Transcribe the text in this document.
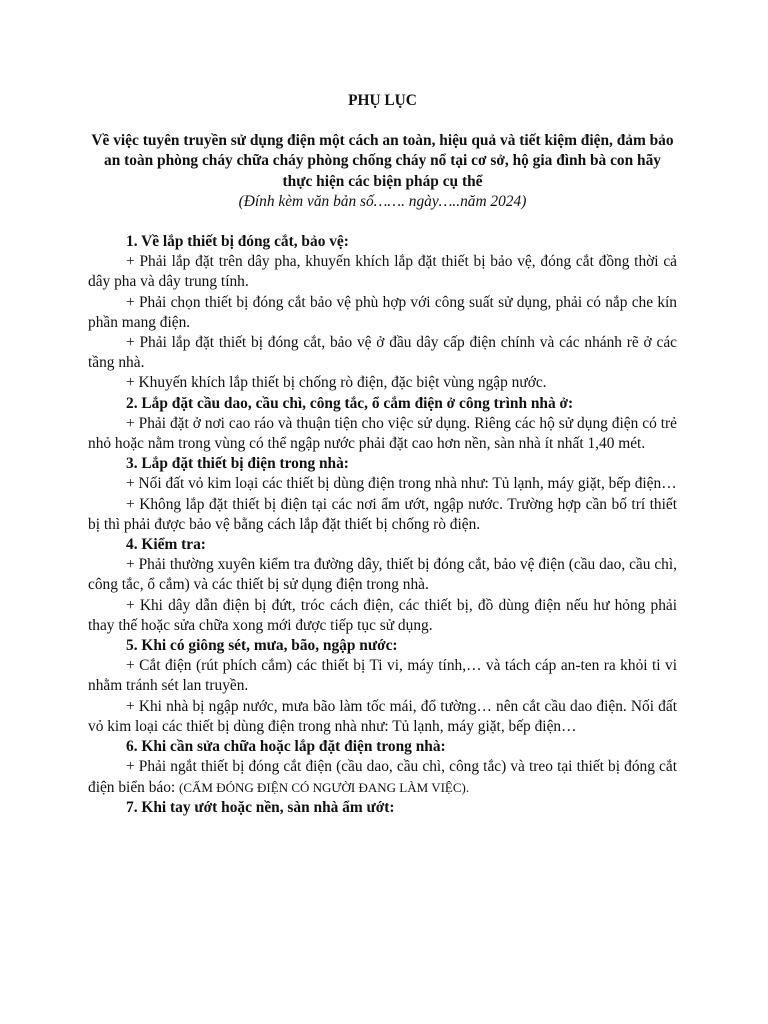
PHỤ LỤC

Về việc tuyên truyền sử dụng điện một cách an toàn, hiệu quả và tiết kiệm điện, đảm bảo an toàn phòng cháy chữa cháy phòng chống cháy nổ tại cơ sở, hộ gia đình bà con hãy thực hiện các biện pháp cụ thể

(Đính kèm văn bản số……. ngày…..năm 2024)

1. Về lắp thiết bị đóng cắt, bảo vệ:

+ Phải lắp đặt trên dây pha, khuyến khích lắp đặt thiết bị bảo vệ, đóng cắt đồng thời cả dây pha và dây trung tính.

+ Phải chọn thiết bị đóng cắt bảo vệ phù hợp với công suất sử dụng, phải có nắp che kín phần mang điện.

+ Phải lắp đặt thiết bị đóng cắt, bảo vệ ở đầu dây cấp điện chính và các nhánh rẽ ở các tầng nhà.

+ Khuyến khích lắp thiết bị chống rò điện, đặc biệt vùng ngập nước.

2. Lắp đặt cầu dao, cầu chì, công tắc, ổ cắm điện ở công trình nhà ở:

+ Phải đặt ở nơi cao ráo và thuận tiện cho việc sử dụng. Riêng các hộ sử dụng điện có trẻ nhỏ hoặc nằm trong vùng có thể ngập nước phải đặt cao hơn nền, sàn nhà ít nhất 1,40 mét.

3. Lắp đặt thiết bị điện trong nhà:

+ Nối đất vỏ kim loại các thiết bị dùng điện trong nhà như: Tủ lạnh, máy giặt, bếp điện…

+ Không lắp đặt thiết bị điện tại các nơi ẩm ướt, ngập nước. Trường hợp cần bố trí thiết bị thì phải được bảo vệ bằng cách lắp đặt thiết bị chống rò điện.

4. Kiểm tra:

+ Phải thường xuyên kiểm tra đường dây, thiết bị đóng cắt, bảo vệ điện (cầu dao, cầu chì, công tắc, ổ cắm) và các thiết bị sử dụng điện trong nhà.

+ Khi dây dẫn điện bị đứt, tróc cách điện, các thiết bị, đồ dùng điện nếu hư hỏng phải thay thế hoặc sửa chữa xong mới được tiếp tục sử dụng.

5. Khi có giông sét, mưa, bão, ngập nước:

+ Cắt điện (rút phích cắm) các thiết bị Ti vi, máy tính,… và tách cáp an-ten ra khỏi ti vi nhằm tránh sét lan truyền.

+ Khi nhà bị ngập nước, mưa bão làm tốc mái, đổ tường… nên cắt cầu dao điện. Nối đất vỏ kim loại các thiết bị dùng điện trong nhà như: Tủ lạnh, máy giặt, bếp điện…

6. Khi cần sửa chữa hoặc lắp đặt điện trong nhà:

+ Phải ngắt thiết bị đóng cắt điện (cầu dao, cầu chì, công tắc) và treo tại thiết bị đóng cắt điện biển báo: (CẤM ĐÓNG ĐIỆN CÓ NGƯỜI ĐANG LÀM VIỆC).

7. Khi tay ướt hoặc nền, sàn nhà ẩm ướt:
